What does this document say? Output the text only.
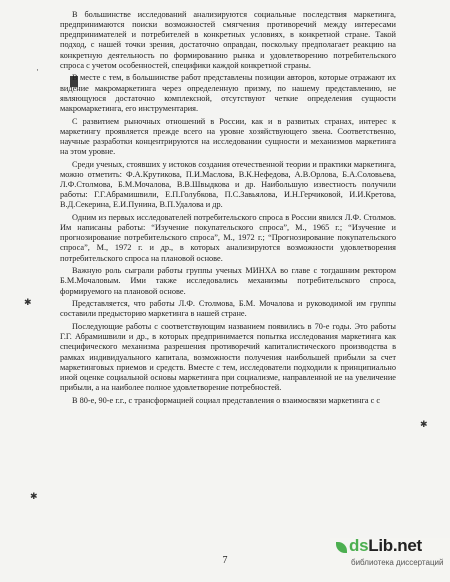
В большинстве исследований анализируются социальные последствия маркетинга, предпринимаются поиски возможностей смягчения противоречий между интересами предпринимателей и потребителей в конкретных условиях, в конкретной стране. Такой подход, с нашей точки зрения, достаточно оправдан, поскольку предполагает реакцию на конкретную деятельность по формированию рынка и удовлетворению потребительского спроса с учетом особенностей, специфики каждой конкретной страны.

В месте с тем, в большинстве работ представлены позиции авторов, которые отражают их видение макромаркетинга через определенную призму, по нашему представлению, не являющуюся достаточно комплексной, отсутствуют четкие определения сущности макромаркетинга, его инструментария.

С развитием рыночных отношений в России, как и в развитых странах, интерес к маркетингу проявляется прежде всего на уровне хозяйствующего звена. Соответственно, научные разработки концентрируются на исследовании сущности и механизмов маркетинга на этом уровне.

Среди ученых, стоявших у истоков создания отечественной теории и практики маркетинга, можно отметить: Ф.А.Крутикова, П.И.Маслова, В.К.Нефедова, А.В.Орлова, Б.А.Соловьева, Л.Ф.Столмова, Б.М.Мочалова, В.В.Швыдкова и др. Наибольшую известность получили работы: Г.Г.Абрамишвили, Е.П.Голубкова, П.С.Завьялова, И.Н.Герчиковой, И.И.Кретова, В.Д.Секерина, Е.И.Пунина, В.П.Удалова и др.

Одним из первых исследователей потребительского спроса в России явился Л.Ф. Столмов. Им написаны работы: “Изучение покупательского спроса”, М., 1965 г.; “Изучение и прогнозирование потребительского спроса”, М., 1972 г.; “Прогнозирование покупательского спроса”, М., 1972 г. и др., в которых анализируются возможности удовлетворения потребительского спроса на плановой основе.

Важную роль сыграли работы группы ученых МИНХА во главе с тогдашним ректором Б.М.Мочаловым. Ими также исследовались механизмы потребительского спроса, формируемого на плановой основе.

Представляется, что работы Л.Ф. Столмова, Б.М. Мочалова и руководимой им группы составили предысторию маркетинга в нашей стране.

Последующие работы с соответствующим названием появились в 70-е годы. Это работы Г.Г. Абрамишвили и др., в которых предпринимается попытка исследования маркетинга как специфического механизма разрешения противоречий капиталистического производства в рамках индивидуального капитала, возможности получения наибольшей прибыли за счет маркетинговых приемов и средств. Вместе с тем, исследователи подходили к принципиально иной оценке социальной основы маркетинга при социализме, направленной не на увеличение прибыли, а на наиболее полное удовлетворение потребностей.

В 80-е, 90-е г.г., с трансформацией социал представления о взаимосвязи маркетинга с с

·
✱
✱
✱
7
dsLib.net
библиотека диссертаций
